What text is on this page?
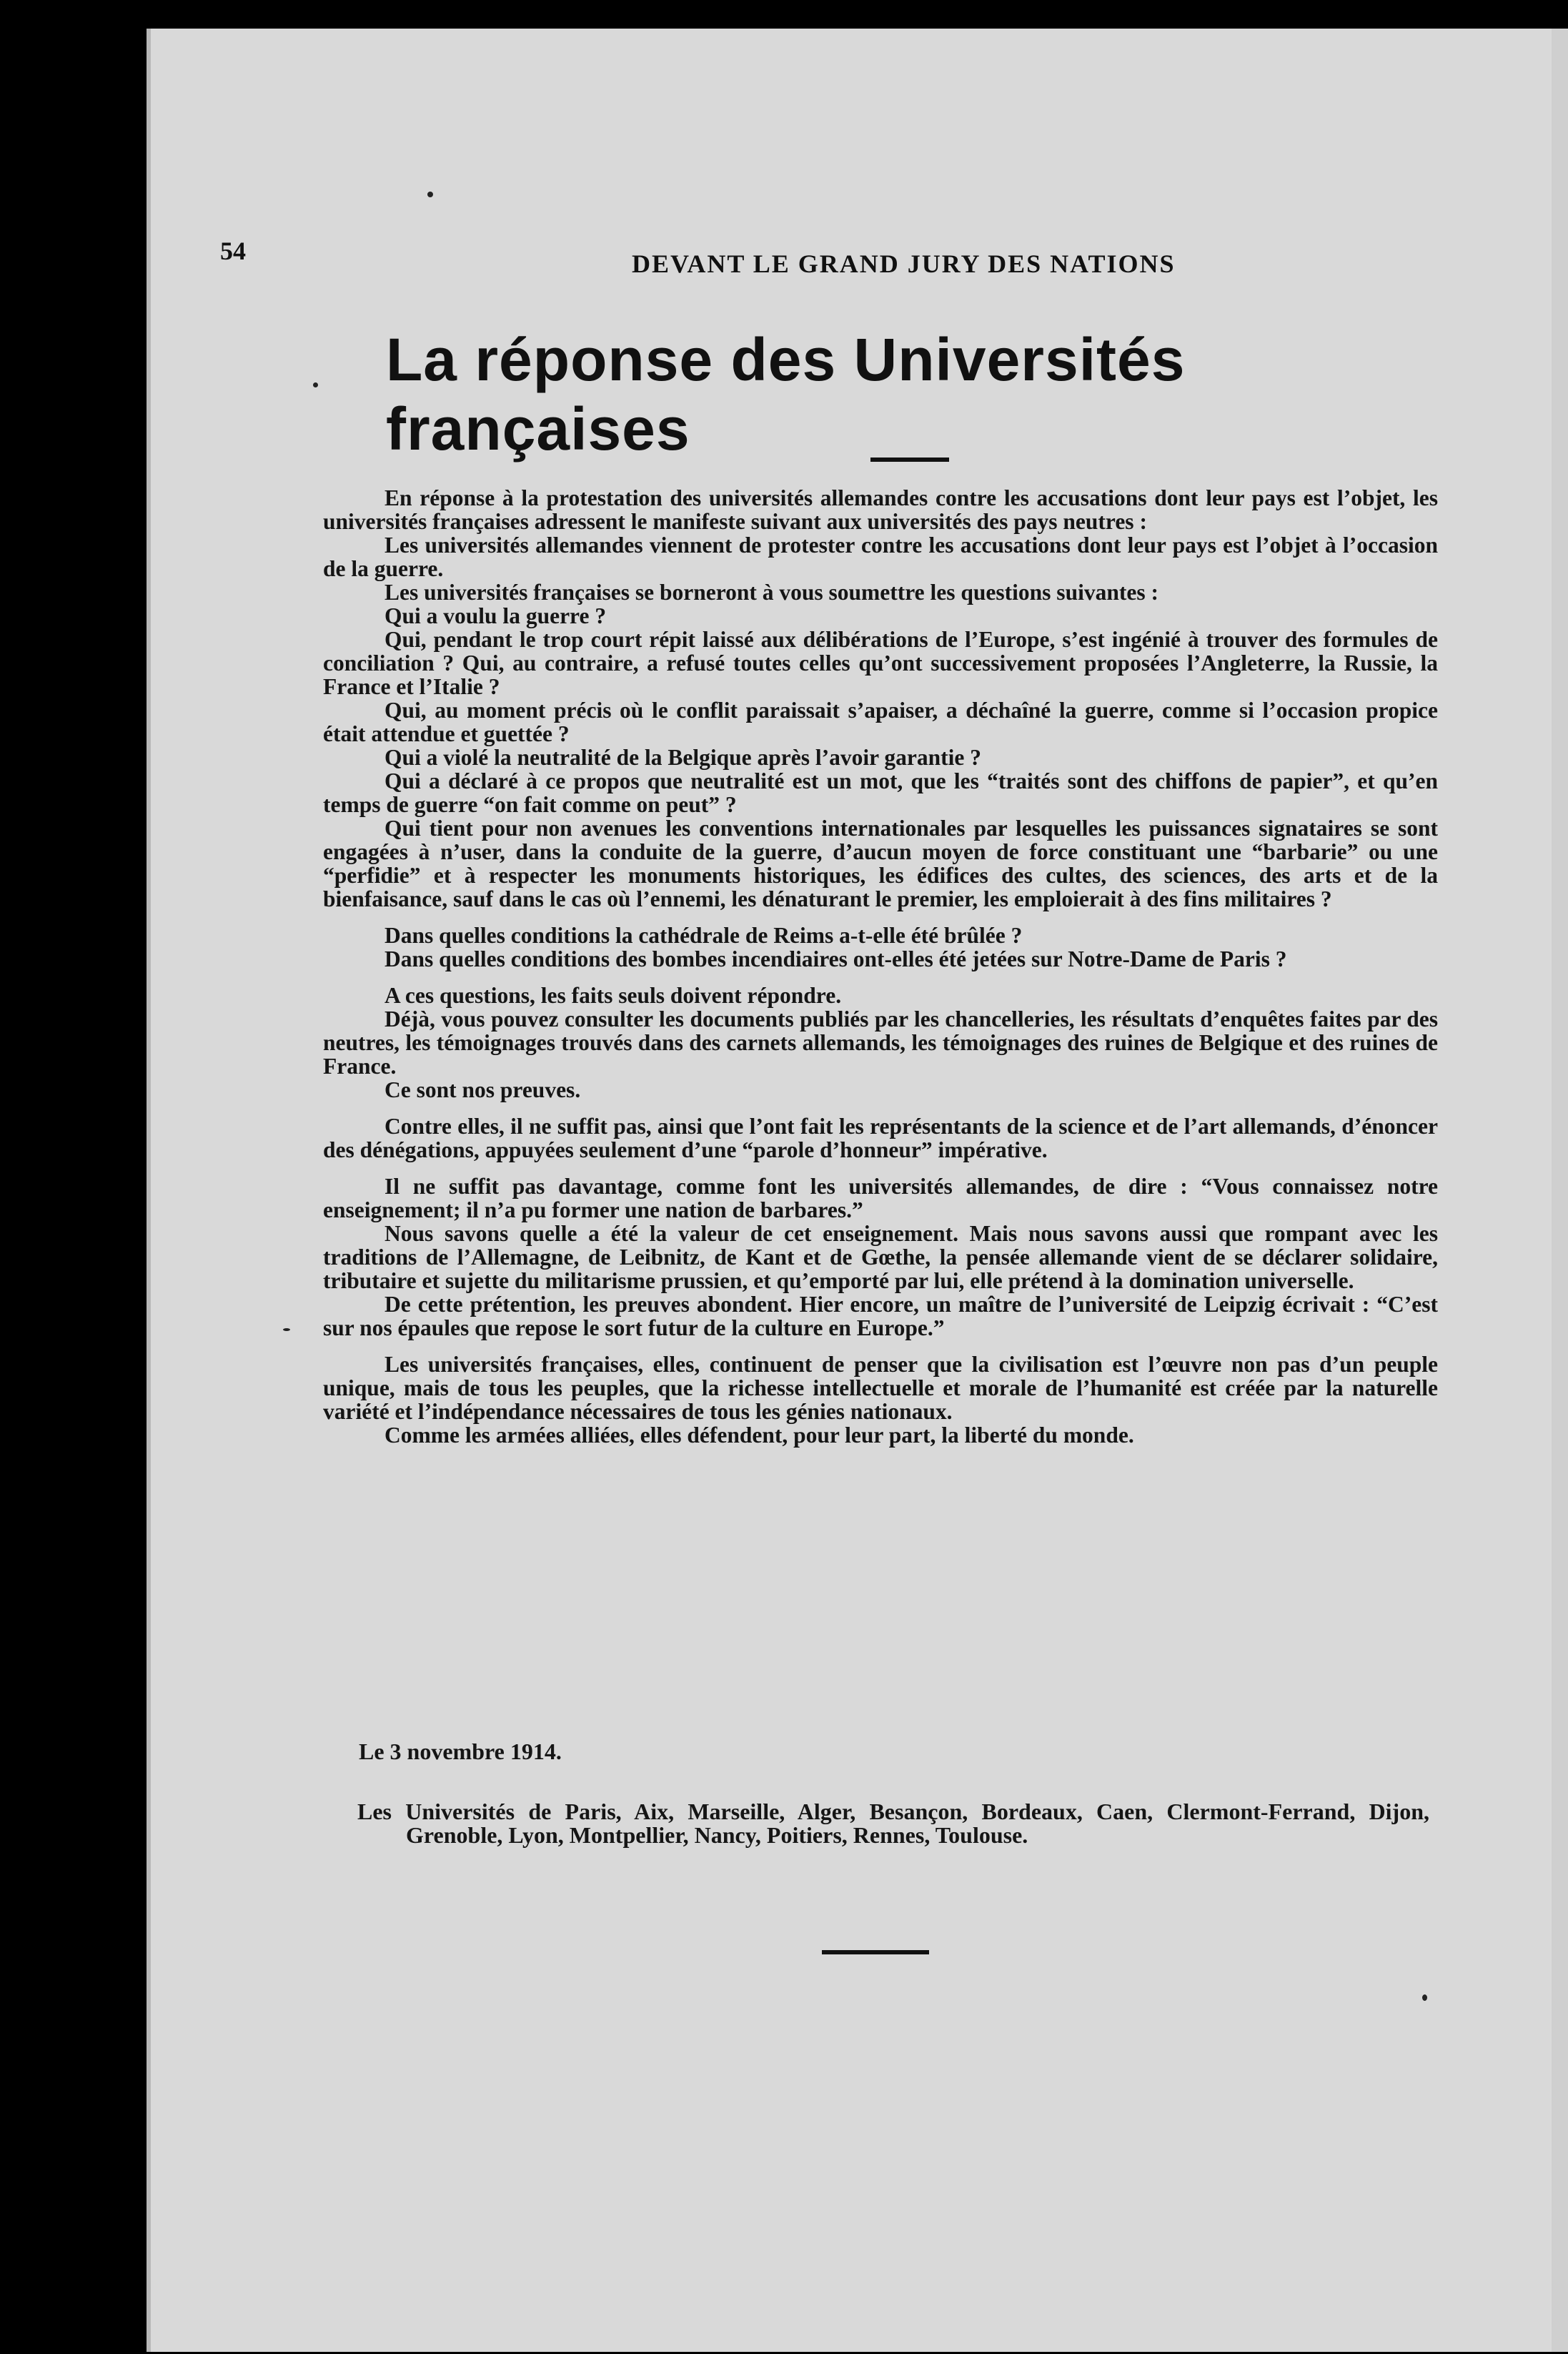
54	DEVANT LE GRAND JURY DES NATIONS
La réponse des Universités françaises

En réponse à la protestation des universités allemandes contre les accusations dont leur pays est l’objet, les universités françaises adressent le manifeste suivant aux universités des pays neutres :

Les universités allemandes viennent de protester contre les accusations dont leur pays est l’objet à l’occasion de la guerre.

Les universités françaises se borneront à vous soumettre les questions suivantes :

Qui a voulu la guerre ?

Qui, pendant le trop court répit laissé aux délibérations de l’Europe, s’est ingénié à trouver des formules de conciliation ? Qui, au contraire, a refusé toutes celles qu’ont successivement proposées l’Angleterre, la Russie, la France et l’Italie ?

Qui, au moment précis où le conflit paraissait s’apaiser, a déchaîné la guerre, comme si l’occasion propice était attendue et guettée ?

Qui a violé la neutralité de la Belgique après l’avoir garantie ?

Qui a déclaré à ce propos que neutralité est un mot, que les “traités sont des chiffons de papier”, et qu’en temps de guerre “on fait comme on peut” ?

Qui tient pour non avenues les conventions internationales par lesquelles les puissances signataires se sont engagées à n’user, dans la conduite de la guerre, d’aucun moyen de force constituant une “barbarie” ou une “perfidie” et à respecter les monuments historiques, les édifices des cultes, des sciences, des arts et de la bienfaisance, sauf dans le cas où l’ennemi, les dénaturant le premier, les emploierait à des fins militaires ?

Dans quelles conditions la cathédrale de Reims a-t-elle été brûlée ?

Dans quelles conditions des bombes incendiaires ont-elles été jetées sur Notre-Dame de Paris ?

A ces questions, les faits seuls doivent répondre.

Déjà, vous pouvez consulter les documents publiés par les chancelleries, les résultats d’enquêtes faites par des neutres, les témoignages trouvés dans des carnets allemands, les témoignages des ruines de Belgique et des ruines de France.

Ce sont nos preuves.

Contre elles, il ne suffit pas, ainsi que l’ont fait les représentants de la science et de l’art allemands, d’énoncer des dénégations, appuyées seulement d’une “parole d’honneur” impérative.

Il ne suffit pas davantage, comme font les universités allemandes, de dire : “Vous connaissez notre enseignement; il n’a pu former une nation de barbares.”

Nous savons quelle a été la valeur de cet enseignement. Mais nous savons aussi que rompant avec les traditions de l’Allemagne, de Leibnitz, de Kant et de Gœthe, la pensée allemande vient de se déclarer solidaire, tributaire et sujette du militarisme prussien, et qu’emporté par lui, elle prétend à la domination universelle.

De cette prétention, les preuves abondent. Hier encore, un maître de l’université de Leipzig écrivait : “C’est sur nos épaules que repose le sort futur de la culture en Europe.”

Les universités françaises, elles, continuent de penser que la civilisation est l’œuvre non pas d’un peuple unique, mais de tous les peuples, que la richesse intellectuelle et morale de l’humanité est créée par la naturelle variété et l’indépendance nécessaires de tous les génies nationaux.

Comme les armées alliées, elles défendent, pour leur part, la liberté du monde.

Le 3 novembre 1914.
Les Universités de Paris, Aix, Marseille, Alger, Besançon, Bordeaux, Caen, Clermont-Ferrand, Dijon, Grenoble, Lyon, Montpellier, Nancy, Poitiers, Rennes, Toulouse.
